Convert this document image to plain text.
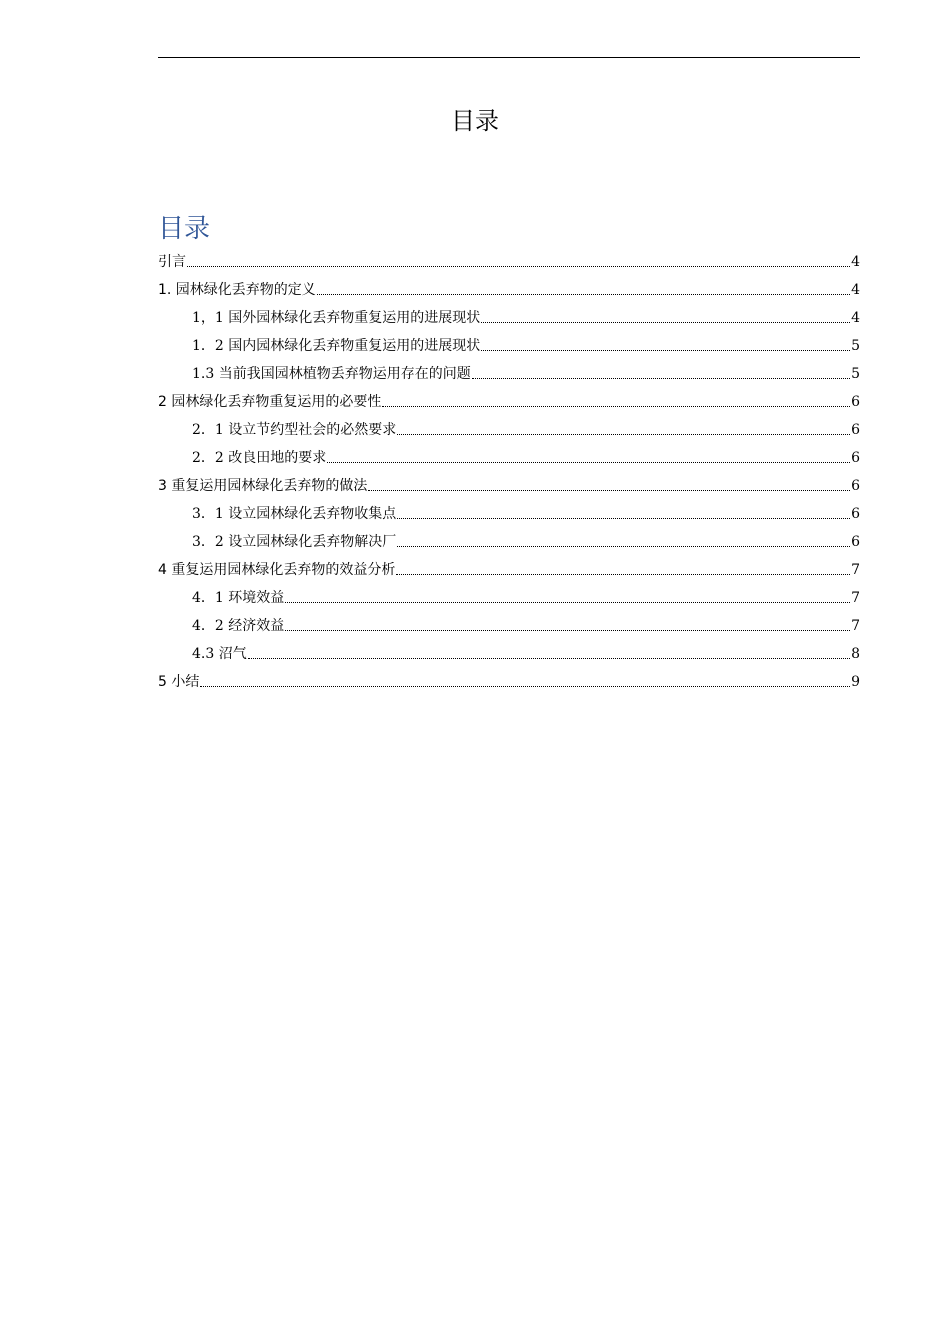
目录
目录
引言	4
1. 园林绿化丢弃物的定义	4
1，1 国外园林绿化丢弃物重复运用的进展现状	4
1．2 国内园林绿化丢弃物重复运用的进展现状	5
1.3 当前我国园林植物丢弃物运用存在的问题	5
2 园林绿化丢弃物重复运用的必要性	6
2．1 设立节约型社会的必然要求	6
2．2 改良田地的要求	6
3 重复运用园林绿化丢弃物的做法	6
3．1 设立园林绿化丢弃物收集点	6
3．2 设立园林绿化丢弃物解决厂	6
4 重复运用园林绿化丢弃物的效益分析	7
4．1 环境效益	7
4．2 经济效益	7
4.3 沼气	8
5 小结	9
